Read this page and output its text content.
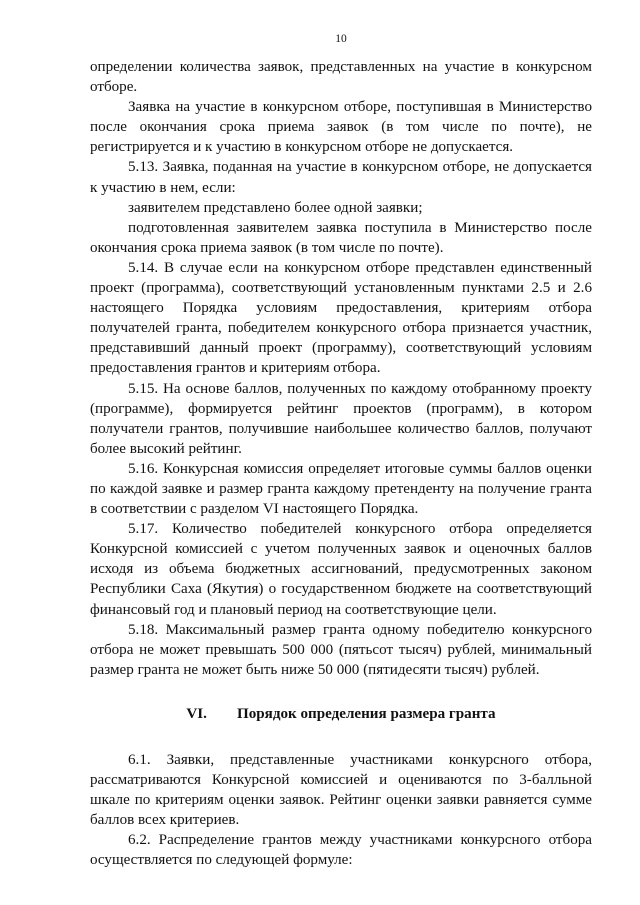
10

определении количества заявок, представленных на участие в конкурсном отборе.

Заявка на участие в конкурсном отборе, поступившая в Министерство после окончания срока приема заявок (в том числе по почте), не регистрируется и к участию в конкурсном отборе не допускается.

5.13. Заявка, поданная на участие в конкурсном отборе, не допускается к участию в нем, если:

заявителем представлено более одной заявки;

подготовленная заявителем заявка поступила в Министерство после окончания срока приема заявок (в том числе по почте).

5.14. В случае если на конкурсном отборе представлен единственный проект (программа), соответствующий установленным пунктами 2.5 и 2.6 настоящего Порядка условиям предоставления, критериям отбора получателей гранта, победителем конкурсного отбора признается участник, представивший данный проект (программу), соответствующий условиям предоставления грантов и критериям отбора.

5.15. На основе баллов, полученных по каждому отобранному проекту (программе), формируется рейтинг проектов (программ), в котором получатели грантов, получившие наибольшее количество баллов, получают более высокий рейтинг.

5.16. Конкурсная комиссия определяет итоговые суммы баллов оценки по каждой заявке и размер гранта каждому претенденту на получение гранта в соответствии с разделом VI настоящего Порядка.

5.17. Количество победителей конкурсного отбора определяется Конкурсной комиссией с учетом полученных заявок и оценочных баллов исходя из объема бюджетных ассигнований, предусмотренных законом Республики Саха (Якутия) о государственном бюджете на соответствующий финансовый год и плановый период на соответствующие цели.

5.18. Максимальный размер гранта одному победителю конкурсного отбора не может превышать 500 000 (пятьсот тысяч) рублей, минимальный размер гранта не может быть ниже 50 000 (пятидесяти тысяч) рублей.

VI. Порядок определения размера гранта

6.1. Заявки, представленные участниками конкурсного отбора, рассматриваются Конкурсной комиссией и оцениваются по 3-балльной шкале по критериям оценки заявок. Рейтинг оценки заявки равняется сумме баллов всех критериев.

6.2. Распределение грантов между участниками конкурсного отбора осуществляется по следующей формуле:
